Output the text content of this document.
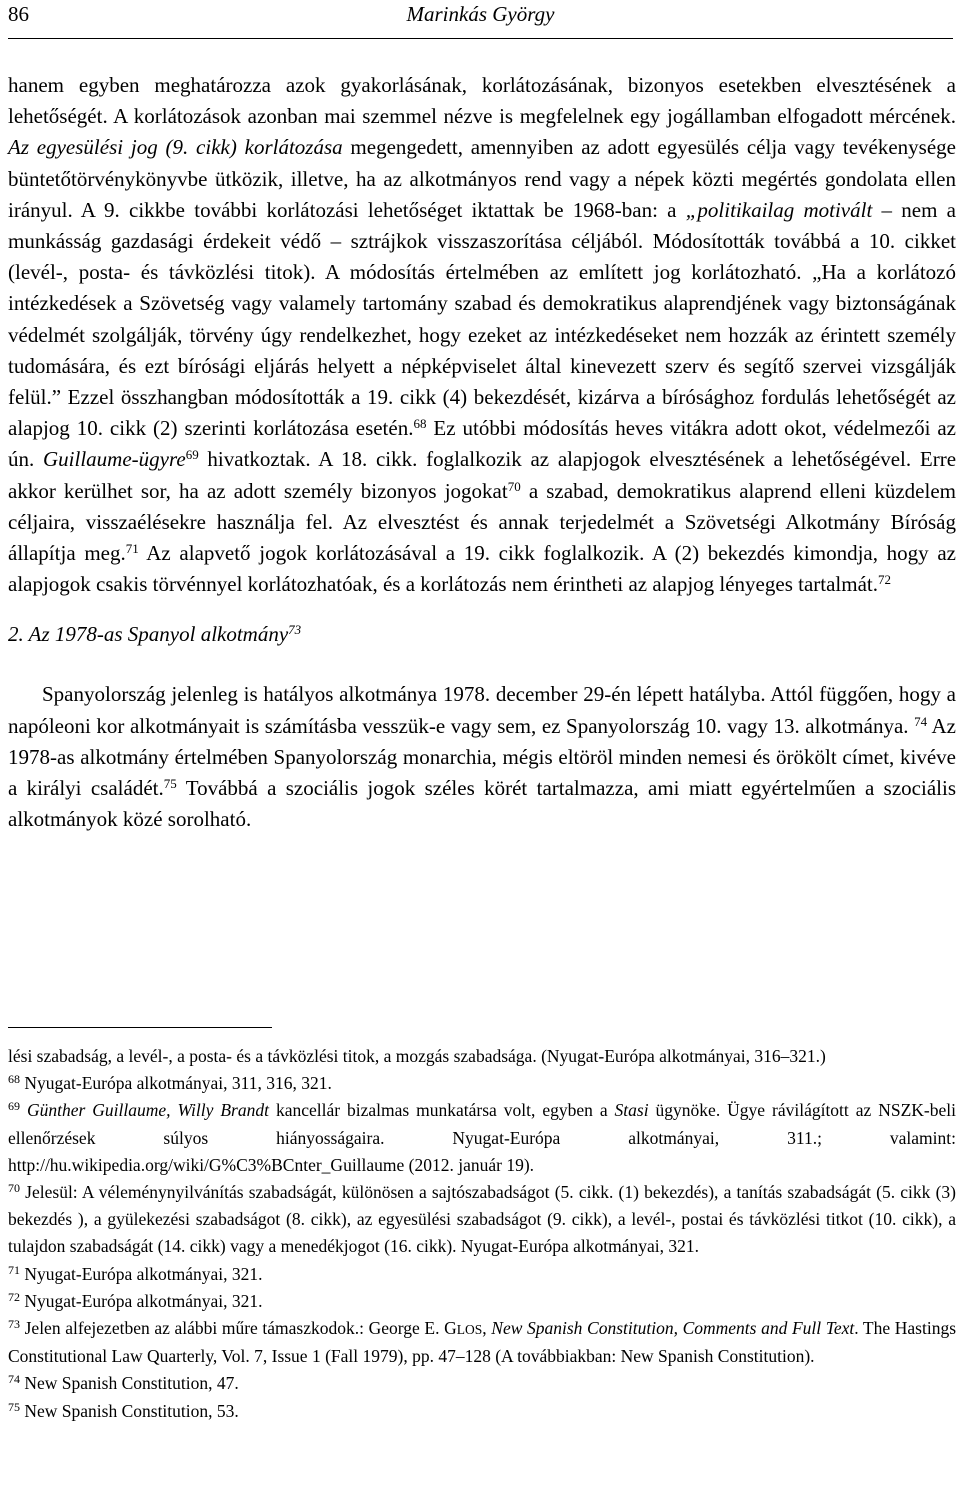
86	Marinkás György

hanem egyben meghatározza azok gyakorlásának, korlátozásának, bizonyos esetekben elvesztésének a lehetőségét. A korlátozások azonban mai szemmel nézve is megfelelnek egy jogállamban elfogadott mércének. Az egyesülési jog (9. cikk) korlátozása megengedett, amennyiben az adott egyesülés célja vagy tevékenysége büntetőtörvénykönyvbe ütközik, illetve, ha az alkotmányos rend vagy a népek közti megértés gondolata ellen irányul. A 9. cikkbe további korlátozási lehetőséget iktattak be 1968-ban: a „politikailag motivált – nem a munkásság gazdasági érdekeit védő – sztrájkok visszaszorítása céljából. Módosították továbbá a 10. cikket (levél-, posta- és távközlési titok). A módosítás értelmében az említett jog korlátozható. „Ha a korlátozó intézkedések a Szövetség vagy valamely tartomány szabad és demokratikus alaprendjének vagy biztonságának védelmét szolgálják, törvény úgy rendelkezhet, hogy ezeket az intézkedéseket nem hozzák az érintett személy tudomására, és ezt bírósági eljárás helyett a népképviselet által kinevezett szerv és segítő szervei vizsgálják felül.” Ezzel összhangban módosították a 19. cikk (4) bekezdését, kizárva a bírósághoz fordulás lehetőségét az alapjog 10. cikk (2) szerinti korlátozása esetén.$^{68}$ Ez utóbbi módosítás heves vitákra adott okot, védelmezői az ún. Guillaume-ügyre$^{69}$ hivatkoztak. A 18. cikk. foglalkozik az alapjogok elvesztésének a lehetőségével. Erre akkor kerülhet sor, ha az adott személy bizonyos jogokat$^{70}$ a szabad, demokratikus alaprend elleni küzdelem céljaira, visszaélésekre használja fel. Az elvesztést és annak terjedelmét a Szövetségi Alkotmány Bíróság állapítja meg.$^{71}$ Az alapvető jogok korlátozásával a 19. cikk foglalkozik. A (2) bekezdés kimondja, hogy az alapjogok csakis törvénnyel korlátozhatóak, és a korlátozás nem érintheti az alapjog lényeges tartalmát.$^{72}$

2. Az 1978-as Spanyol alkotmány$^{73}$

Spanyolország jelenleg is hatályos alkotmánya 1978. december 29-én lépett hatályba. Attól függően, hogy a napóleoni kor alkotmányait is számításba vesszük-e vagy sem, ez Spanyolország 10. vagy 13. alkotmánya. $^{74}$ Az 1978-as alkotmány értelmében Spanyolország monarchia, mégis eltöröl minden nemesi és örökölt címet, kivéve a királyi családét.$^{75}$ Továbbá a szociális jogok széles körét tartalmazza, ami miatt egyértelműen a szociális alkotmányok közé sorolható.

lési szabadság, a levél-, a posta- és a távközlési titok, a mozgás szabadsága. (Nyugat-Európa alkotmányai, 316–321.)

$^{68}$ Nyugat-Európa alkotmányai, 311, 316, 321.

$^{69}$ Günther Guillaume, Willy Brandt kancellár bizalmas munkatársa volt, egyben a Stasi ügynöke. Ügye rávilágított az NSZK-beli ellenőrzések súlyos hiányosságaira. Nyugat-Európa alkotmányai, 311.; valamint: http://hu.wikipedia.org/wiki/G%C3%BCnter_Guillaume (2012. január 19).

$^{70}$ Jelesül: A véleménynyilvánítás szabadságát, különösen a sajtószabadságot (5. cikk. (1) bekezdés), a tanítás szabadságát (5. cikk (3) bekezdés ), a gyülekezési szabadságot (8. cikk), az egyesülési szabadságot (9. cikk), a levél-, postai és távközlési titkot (10. cikk), a tulajdon szabadságát (14. cikk) vagy a menedékjogot (16. cikk). Nyugat-Európa alkotmányai, 321.

$^{71}$ Nyugat-Európa alkotmányai, 321.

$^{72}$ Nyugat-Európa alkotmányai, 321.

$^{73}$ Jelen alfejezetben az alábbi műre támaszkodok.: George E. GLOS, New Spanish Constitution, Comments and Full Text. The Hastings Constitutional Law Quarterly, Vol. 7, Issue 1 (Fall 1979), pp. 47–128 (A továbbiakban: New Spanish Constitution).

$^{74}$ New Spanish Constitution, 47.

$^{75}$ New Spanish Constitution, 53.
